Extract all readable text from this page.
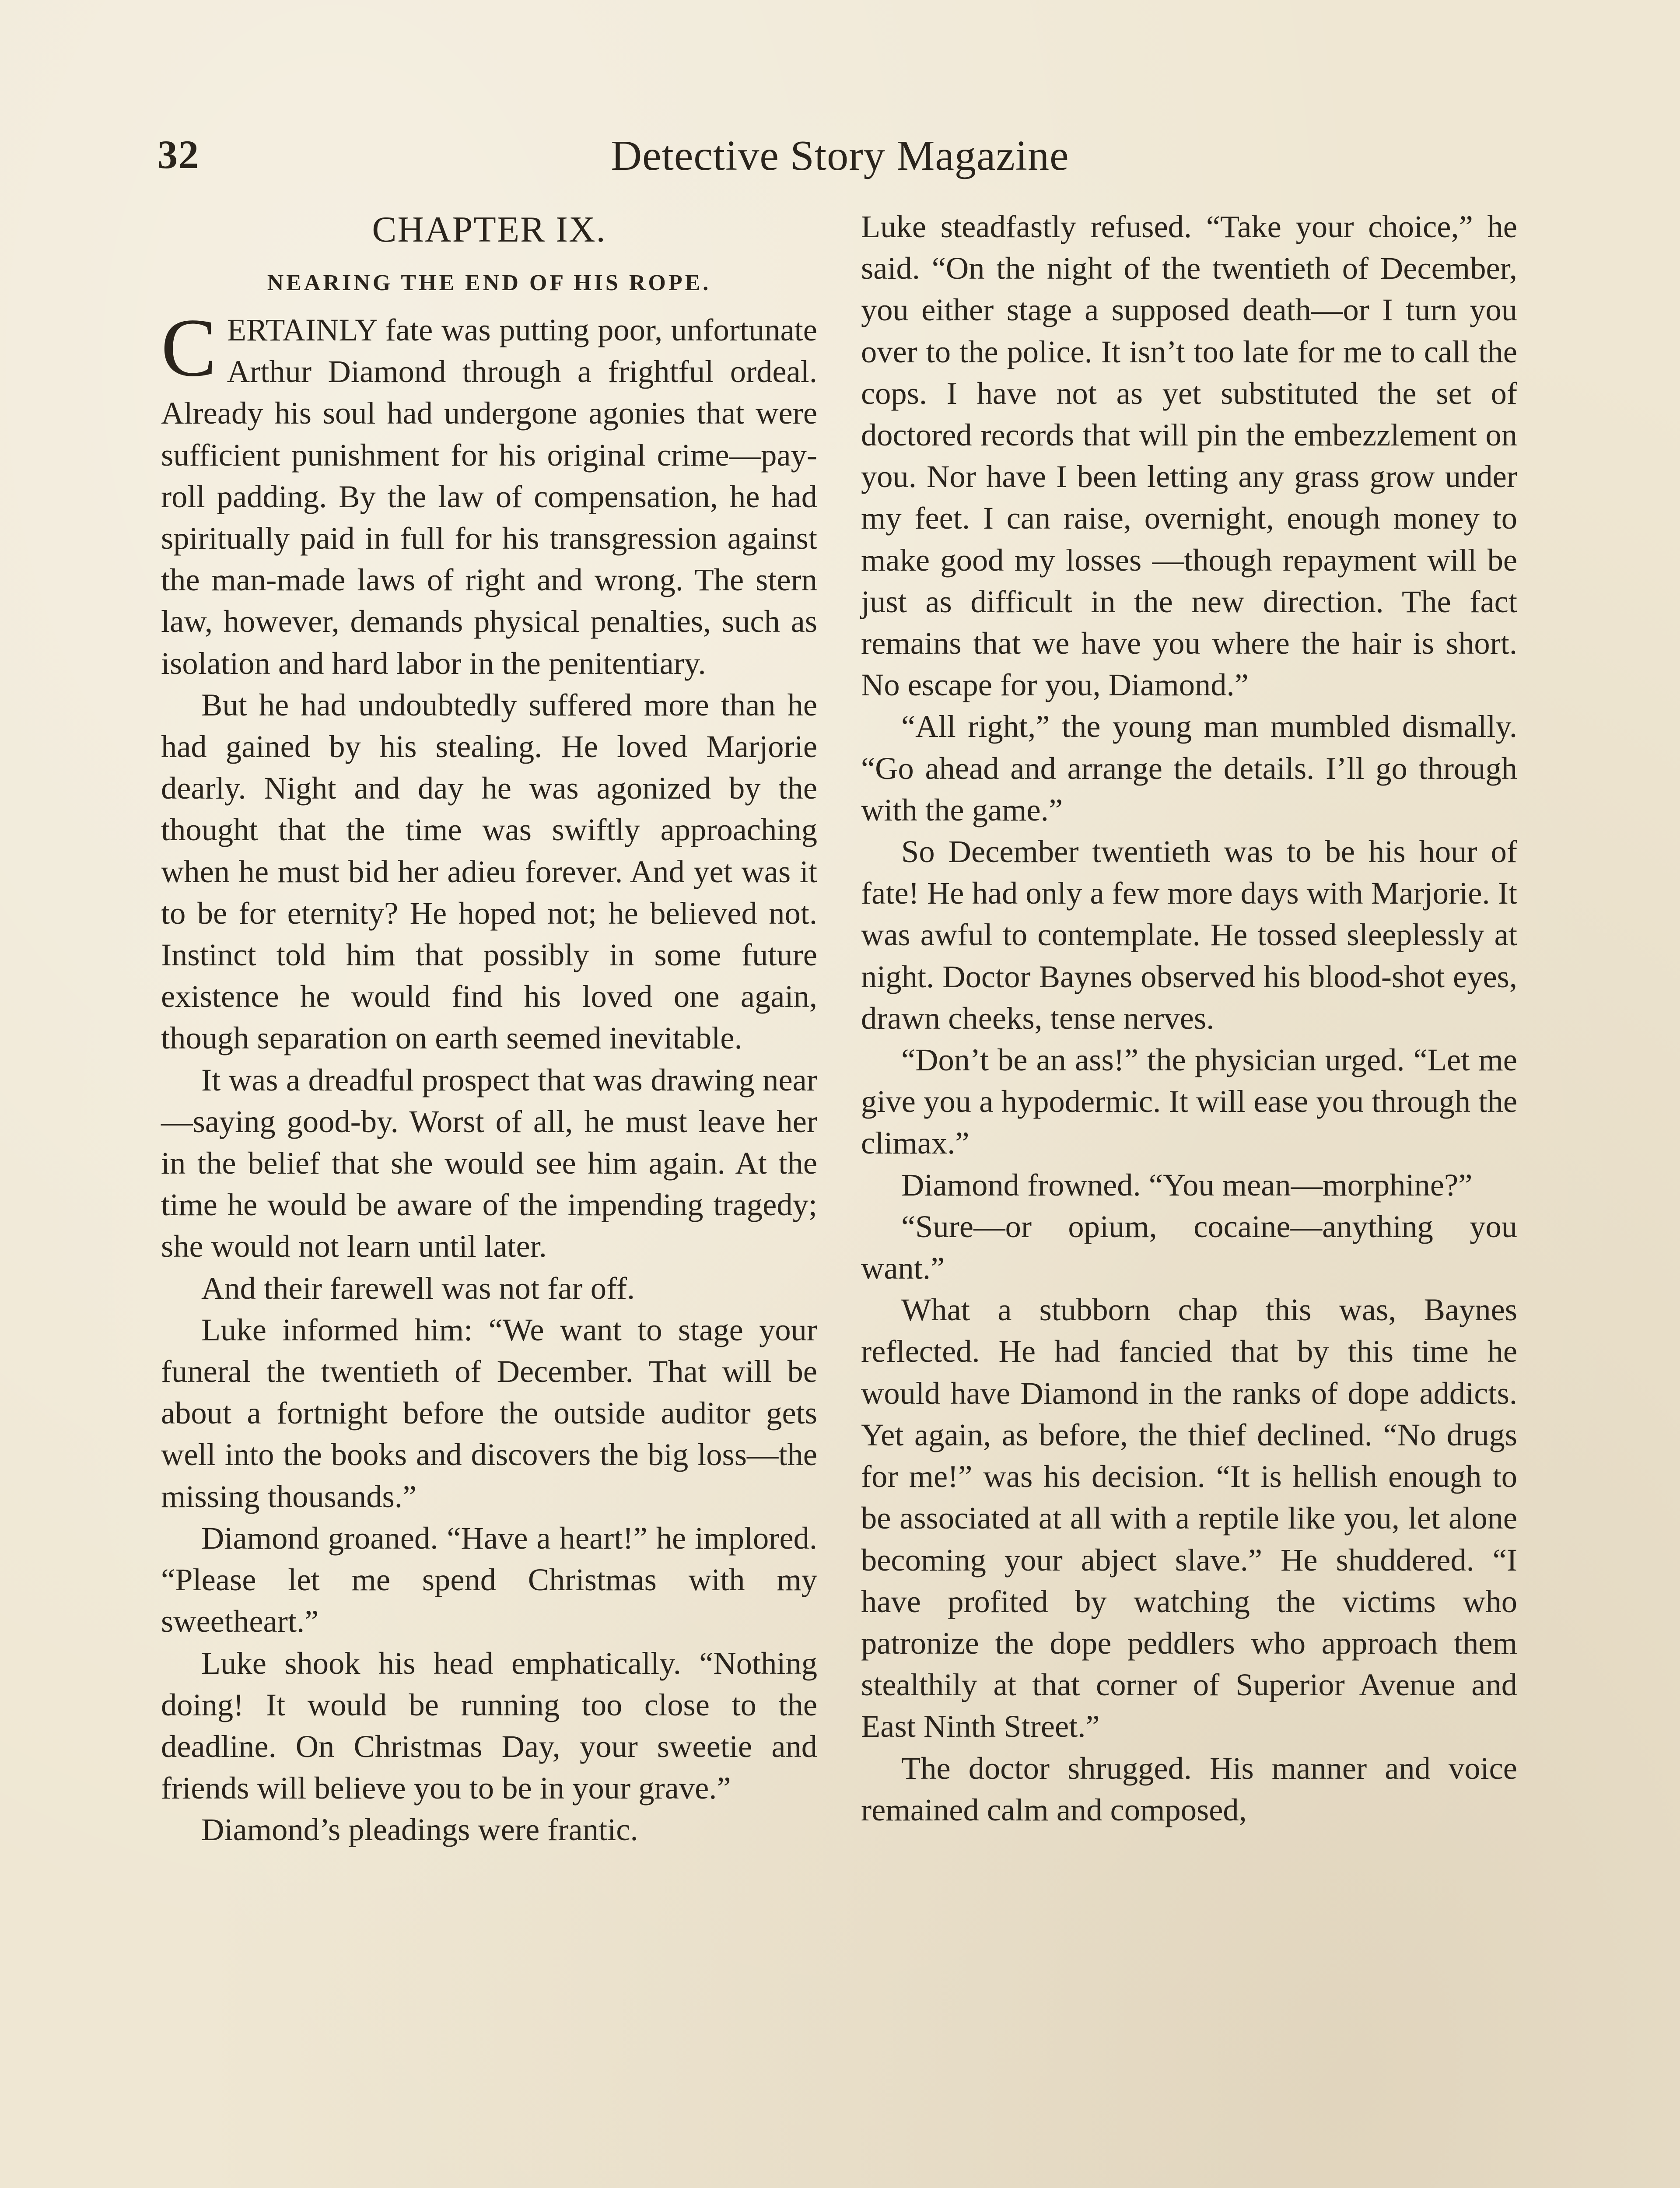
32	Detective Story Magazine
CHAPTER IX.
NEARING THE END OF HIS ROPE.

CERTAINLY fate was putting poor, unfortunate Arthur Diamond through a frightful ordeal. Already his soul had undergone agonies that were sufficient punishment for his original crime—pay-roll padding. By the law of compensation, he had spiritually paid in full for his transgression against the man-made laws of right and wrong. The stern law, however, demands physical penalties, such as isolation and hard labor in the penitentiary.

But he had undoubtedly suffered more than he had gained by his stealing. He loved Marjorie dearly. Night and day he was agonized by the thought that the time was swiftly approaching when he must bid her adieu forever. And yet was it to be for eternity? He hoped not; he believed not. Instinct told him that possibly in some future existence he would find his loved one again, though separation on earth seemed inevitable.

It was a dreadful prospect that was drawing near—saying good-by. Worst of all, he must leave her in the belief that she would see him again. At the time he would be aware of the impending tragedy; she would not learn until later.

And their farewell was not far off.

Luke informed him: “We want to stage your funeral the twentieth of December. That will be about a fortnight before the outside auditor gets well into the books and discovers the big loss—the missing thousands.”

Diamond groaned. “Have a heart!” he implored. “Please let me spend Christmas with my sweetheart.”

Luke shook his head emphatically. “Nothing doing! It would be running too close to the deadline. On Christmas Day, your sweetie and friends will believe you to be in your grave.”

Diamond’s pleadings were frantic.

Luke steadfastly refused. “Take your choice,” he said. “On the night of the twentieth of December, you either stage a supposed death—or I turn you over to the police. It isn’t too late for me to call the cops. I have not as yet substituted the set of doctored records that will pin the embezzlement on you. Nor have I been letting any grass grow under my feet. I can raise, overnight, enough money to make good my losses —though repayment will be just as difficult in the new direction. The fact remains that we have you where the hair is short. No escape for you, Diamond.”

“All right,” the young man mumbled dismally. “Go ahead and arrange the details. I’ll go through with the game.”

So December twentieth was to be his hour of fate! He had only a few more days with Marjorie. It was awful to contemplate. He tossed sleeplessly at night. Doctor Baynes observed his blood-shot eyes, drawn cheeks, tense nerves.

“Don’t be an ass!” the physician urged. “Let me give you a hypodermic. It will ease you through the climax.”

Diamond frowned. “You mean—morphine?”

“Sure—or opium, cocaine—anything you want.”

What a stubborn chap this was, Baynes reflected. He had fancied that by this time he would have Diamond in the ranks of dope addicts. Yet again, as before, the thief declined. “No drugs for me!” was his decision. “It is hellish enough to be associated at all with a reptile like you, let alone becoming your abject slave.” He shuddered. “I have profited by watching the victims who patronize the dope peddlers who approach them stealthily at that corner of Superior Avenue and East Ninth Street.”

The doctor shrugged. His manner and voice remained calm and composed,
